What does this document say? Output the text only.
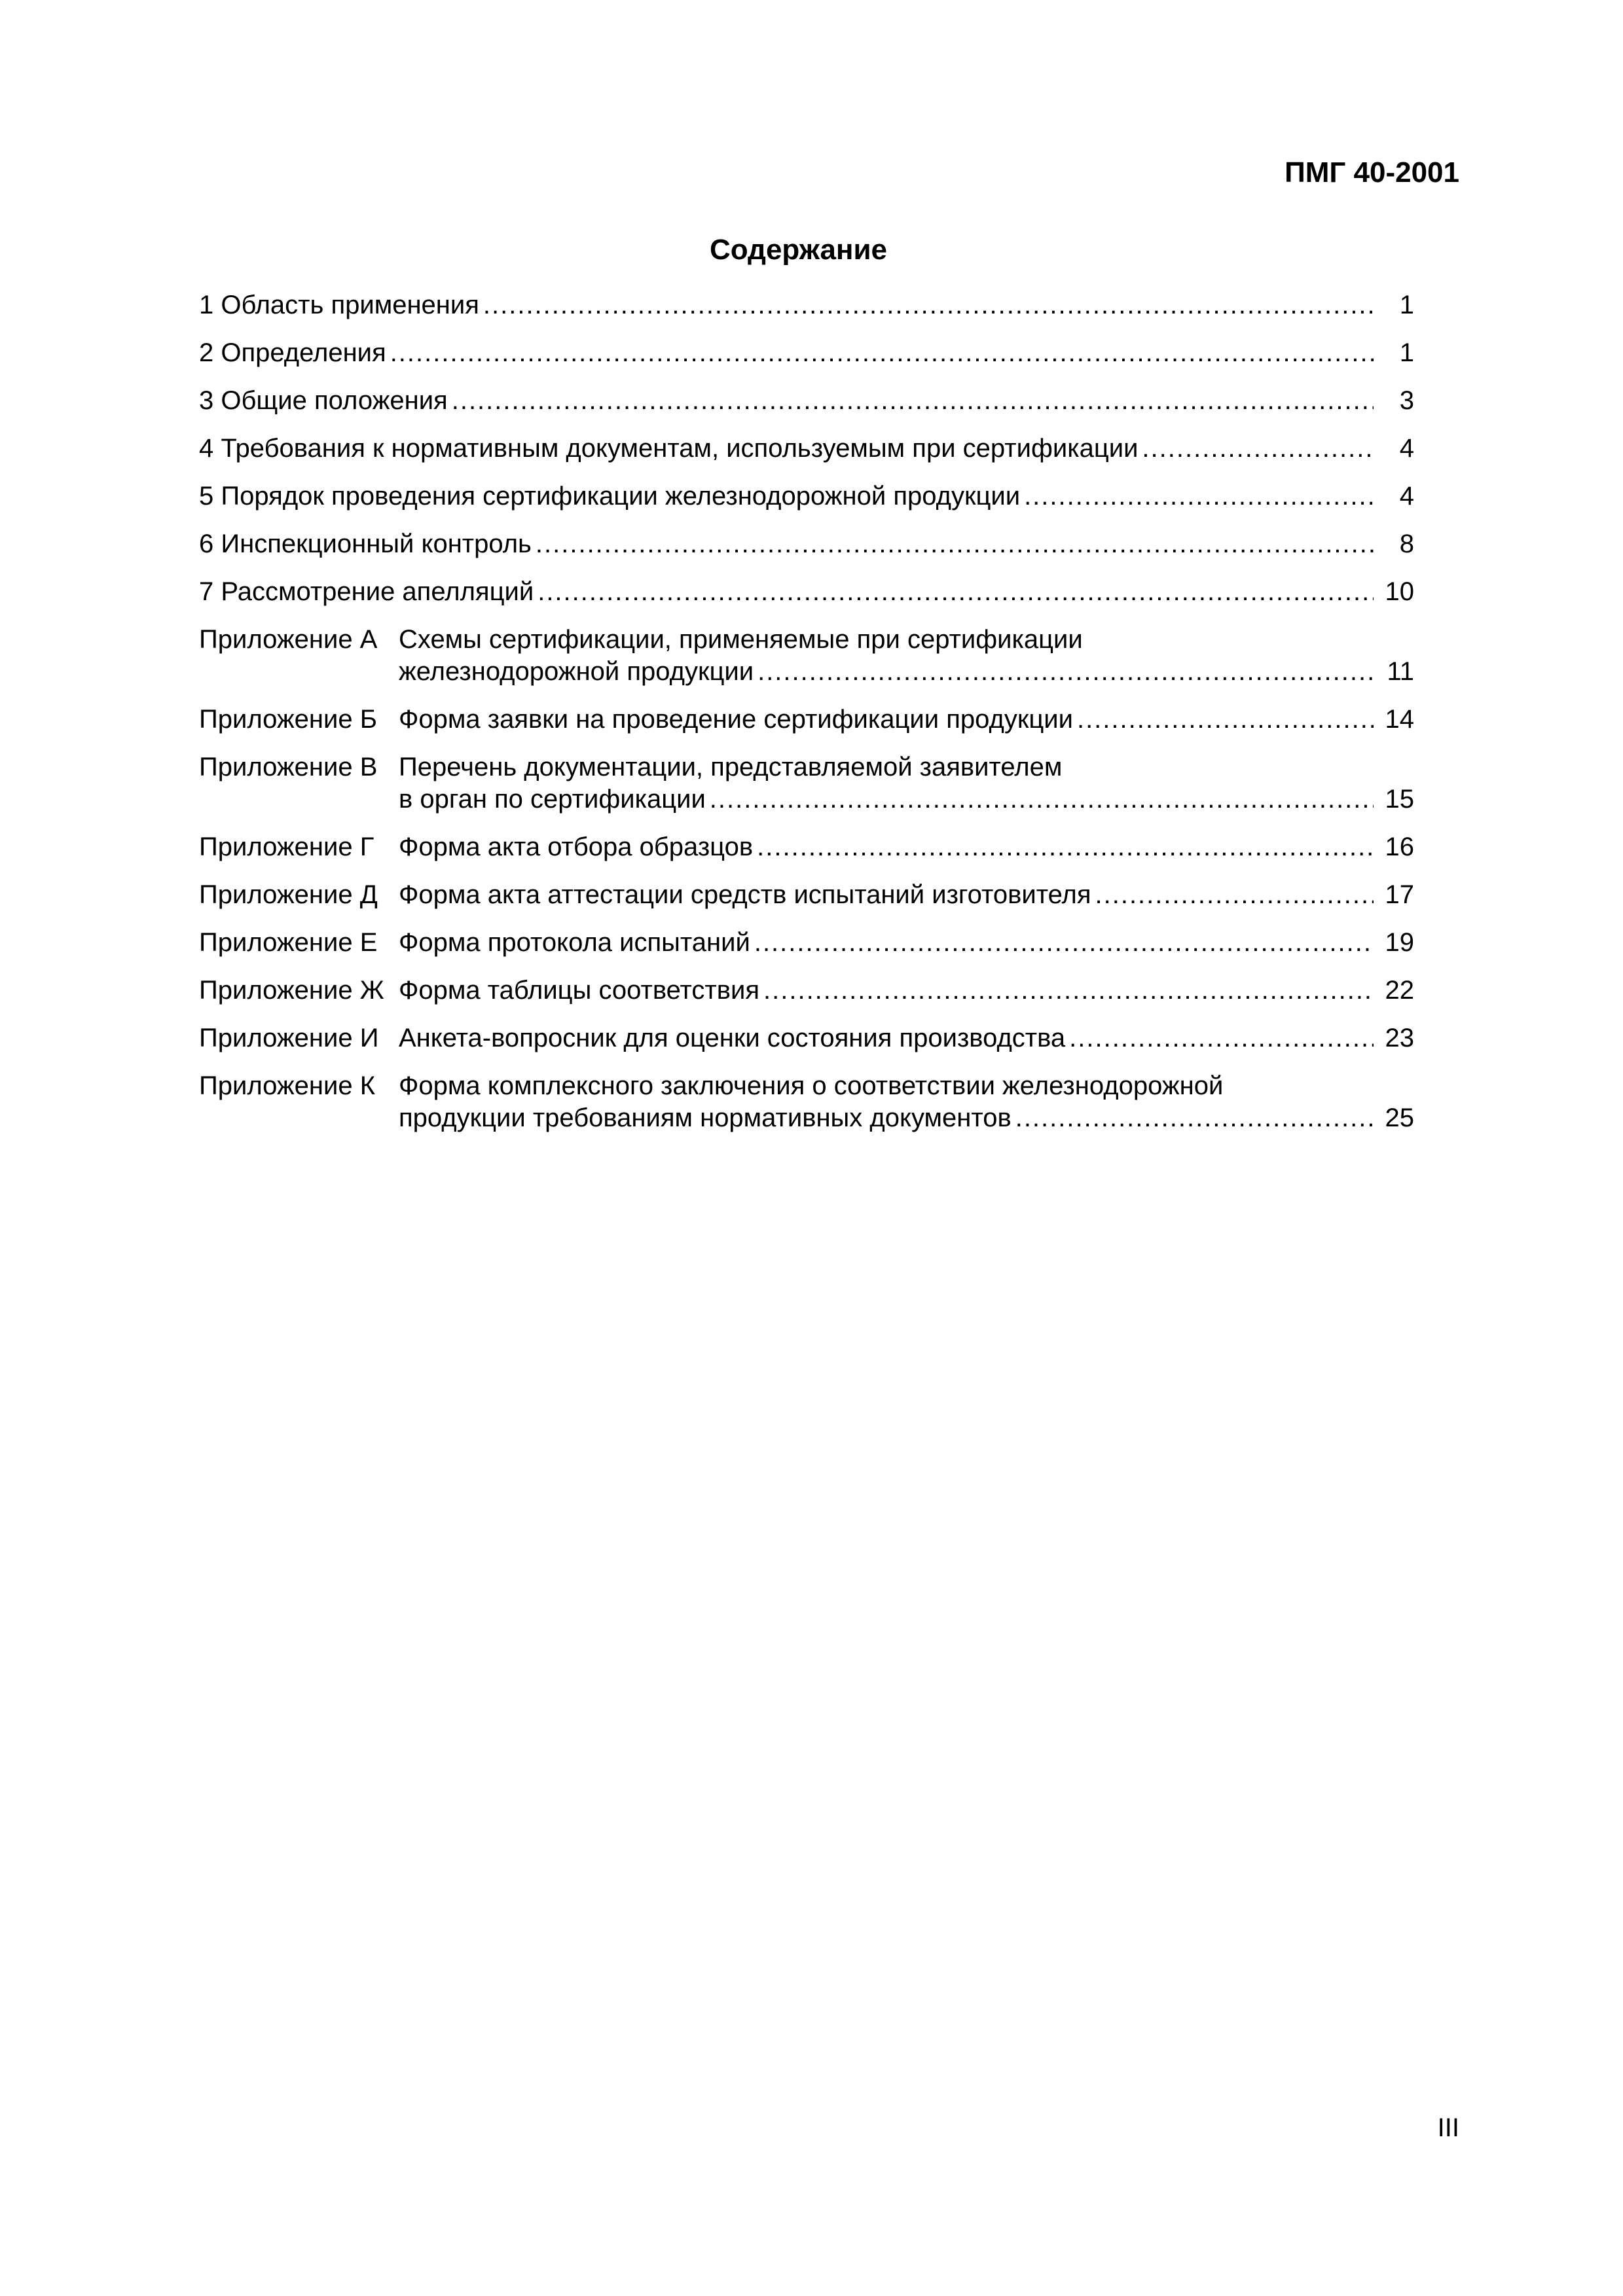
ПМГ 40-2001
Содержание
1 Область применения .....	1
2 Определения .....	1
3 Общие положения .....	3
4 Требования к нормативным документам, используемым при сертификации .....	4
5 Порядок проведения сертификации железнодорожной продукции .....	4
6 Инспекционный контроль .....	8
7 Рассмотрение апелляций .....	10
Приложение А Схемы сертификации, применяемые при сертификации
железнодорожной продукции .....	11
Приложение Б Форма заявки на проведение сертификации продукции .....	14
Приложение В Перечень документации, представляемой заявителем
в орган по сертификации .....	15
Приложение Г Форма акта отбора образцов .....	16
Приложение Д Форма акта аттестации средств испытаний изготовителя .....	17
Приложение Е Форма протокола испытаний .....	19
Приложение Ж Форма таблицы соответствия .....	22
Приложение И Анкета-вопросник для оценки состояния производства .....	23
Приложение К Форма комплексного заключения о соответствии железнодорожной
продукции требованиям нормативных документов .....	25
III
